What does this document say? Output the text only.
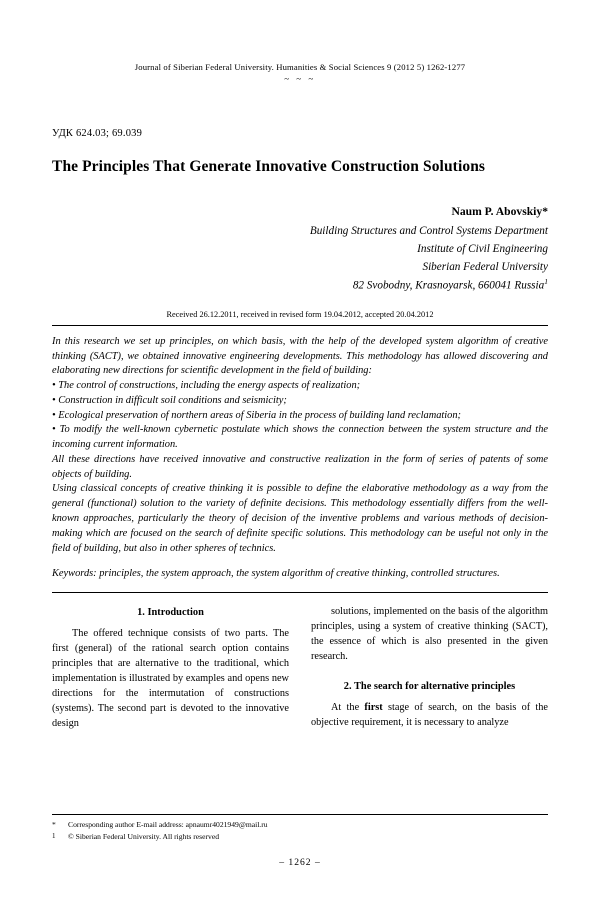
Journal of Siberian Federal University. Humanities & Social Sciences 9 (2012 5) 1262-1277
~ ~ ~
УДК 624.03; 69.039
The Principles That Generate Innovative Construction Solutions
Naum P. Abovskiy*
Building Structures and Control Systems Department
Institute of Civil Engineering
Siberian Federal University
82 Svobodny, Krasnoyarsk, 660041 Russia$^1$
Received 26.12.2011, received in revised form 19.04.2012, accepted 20.04.2012

In this research we set up principles, on which basis, with the help of the developed system algorithm of creative thinking (SACT), we obtained innovative engineering developments. This methodology has allowed discovering and elaborating new directions for scientific development in the field of building:

• The control of constructions, including the energy aspects of realization;

• Construction in difficult soil conditions and seismicity;

• Ecological preservation of northern areas of Siberia in the process of building land reclamation;

• To modify the well-known cybernetic postulate which shows the connection between the system structure and the incoming current information.

All these directions have received innovative and constructive realization in the form of series of patents of some objects of building.

Using classical concepts of creative thinking it is possible to define the elaborative methodology as a way from the general (functional) solution to the variety of definite decisions. This methodology essentially differs from the well-known approaches, particularly the theory of decision of the inventive problems and various methods of decision-making which are focused on the search of definite specific solutions. This methodology can be useful not only in the field of building, but also in other spheres of technics.

Keywords: principles, the system approach, the system algorithm of creative thinking, controlled structures.
1. Introduction

The offered technique consists of two parts. The first (general) of the rational search option contains principles that are alternative to the traditional, which implementation is illustrated by examples and opens new directions for the intermutation of constructions (systems). The second part is devoted to the innovative design

solutions, implemented on the basis of the algorithm principles, using a system of creative thinking (SACT), the essence of which is also presented in the given research.

2. The search for alternative principles

At the first stage of search, on the basis of the objective requirement, it is necessary to analyze

*	Corresponding author E-mail address: apnaumr4021949@mail.ru
1	© Siberian Federal University. All rights reserved
– 1262 –
